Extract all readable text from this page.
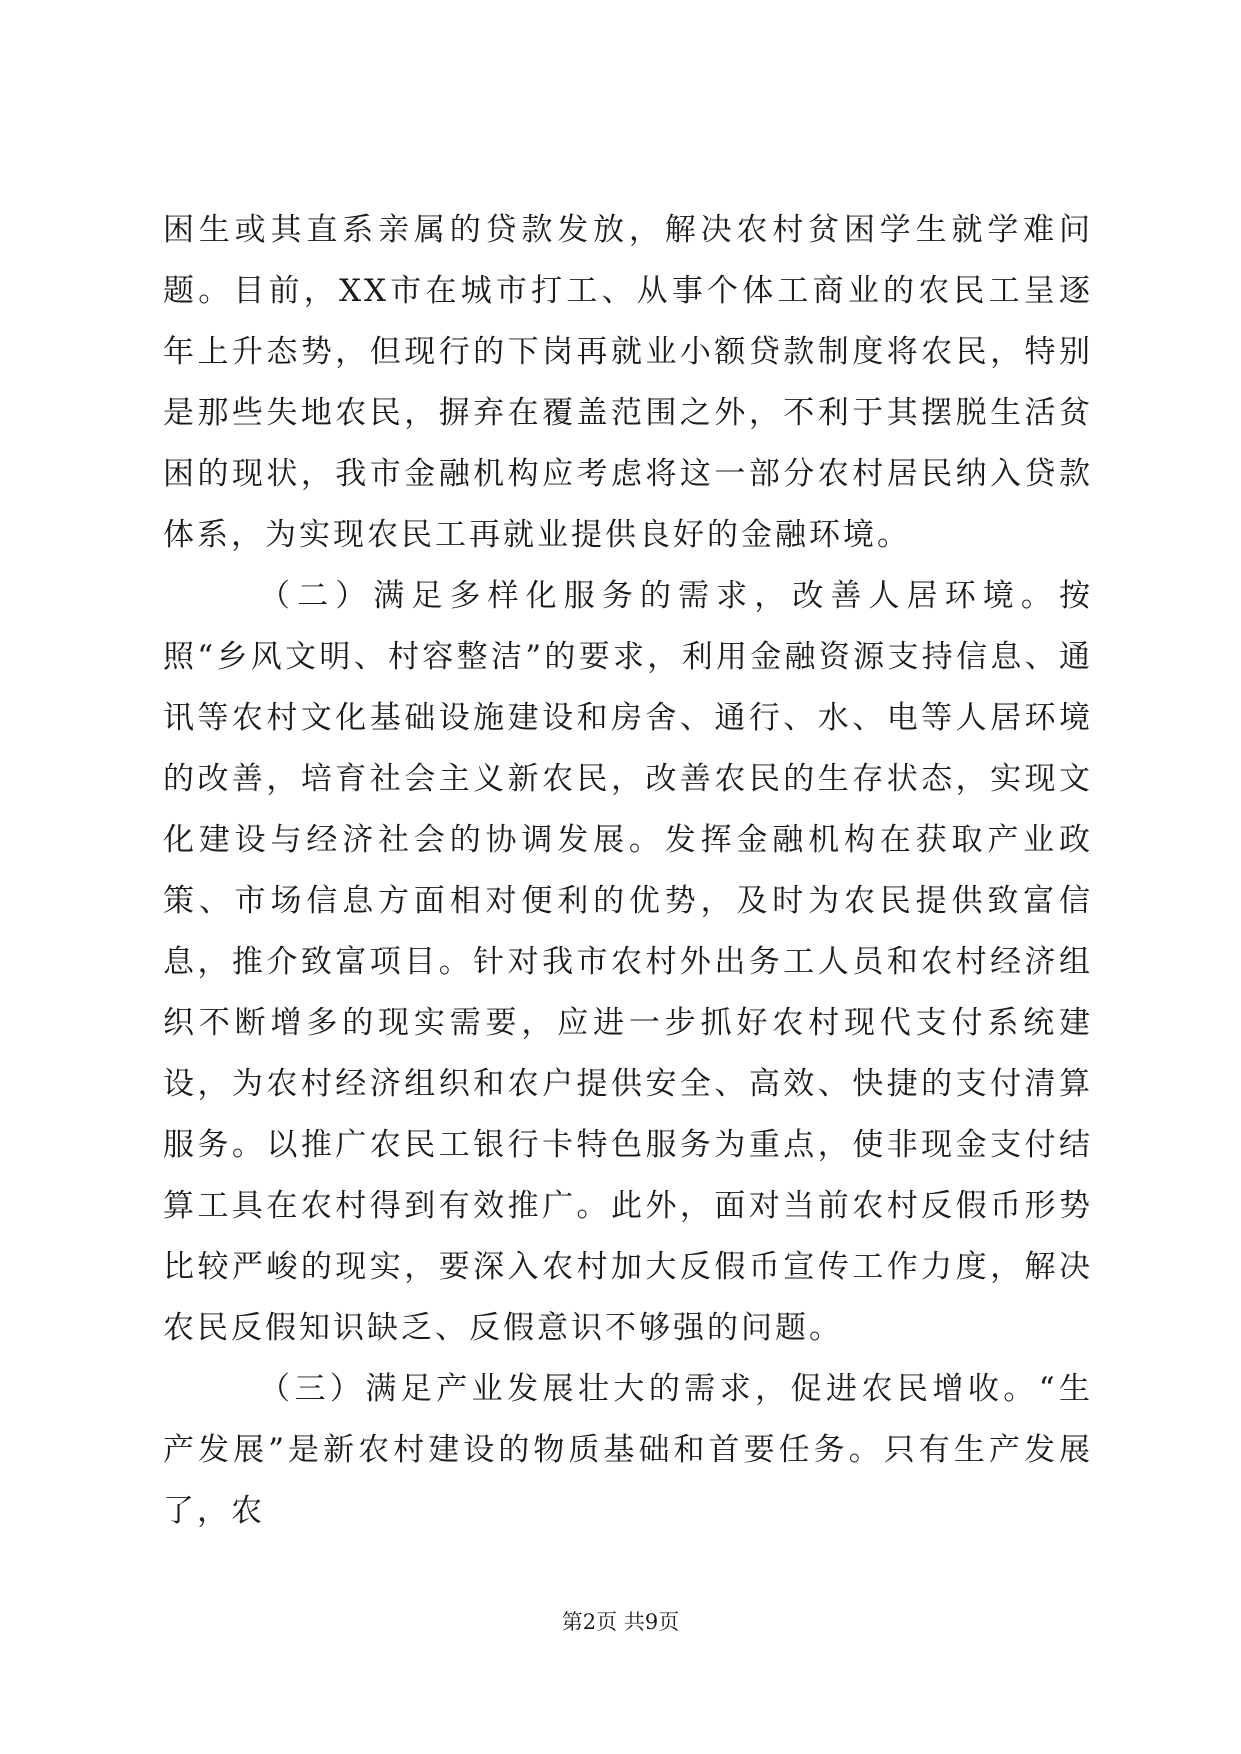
困生或其直系亲属的贷款发放，解决农村贫困学生就学难问题。目前，XX市在城市打工、从事个体工商业的农民工呈逐年上升态势，但现行的下岗再就业小额贷款制度将农民，特别是那些失地农民，摒弃在覆盖范围之外，不利于其摆脱生活贫困的现状，我市金融机构应考虑将这一部分农村居民纳入贷款体系，为实现农民工再就业提供良好的金融环境。

（二）满足多样化服务的需求，改善人居环境。按照“乡风文明、村容整洁”的要求，利用金融资源支持信息、通讯等农村文化基础设施建设和房舍、通行、水、电等人居环境的改善，培育社会主义新农民，改善农民的生存状态，实现文化建设与经济社会的协调发展。发挥金融机构在获取产业政策、市场信息方面相对便利的优势，及时为农民提供致富信息，推介致富项目。针对我市农村外出务工人员和农村经济组织不断增多的现实需要，应进一步抓好农村现代支付系统建设，为农村经济组织和农户提供安全、高效、快捷的支付清算服务。以推广农民工银行卡特色服务为重点，使非现金支付结算工具在农村得到有效推广。此外，面对当前农村反假币形势比较严峻的现实，要深入农村加大反假币宣传工作力度，解决农民反假知识缺乏、反假意识不够强的问题。

（三）满足产业发展壮大的需求，促进农民增收。“生产发展”是新农村建设的物质基础和首要任务。只有生产发展了，农

第2页 共9页
